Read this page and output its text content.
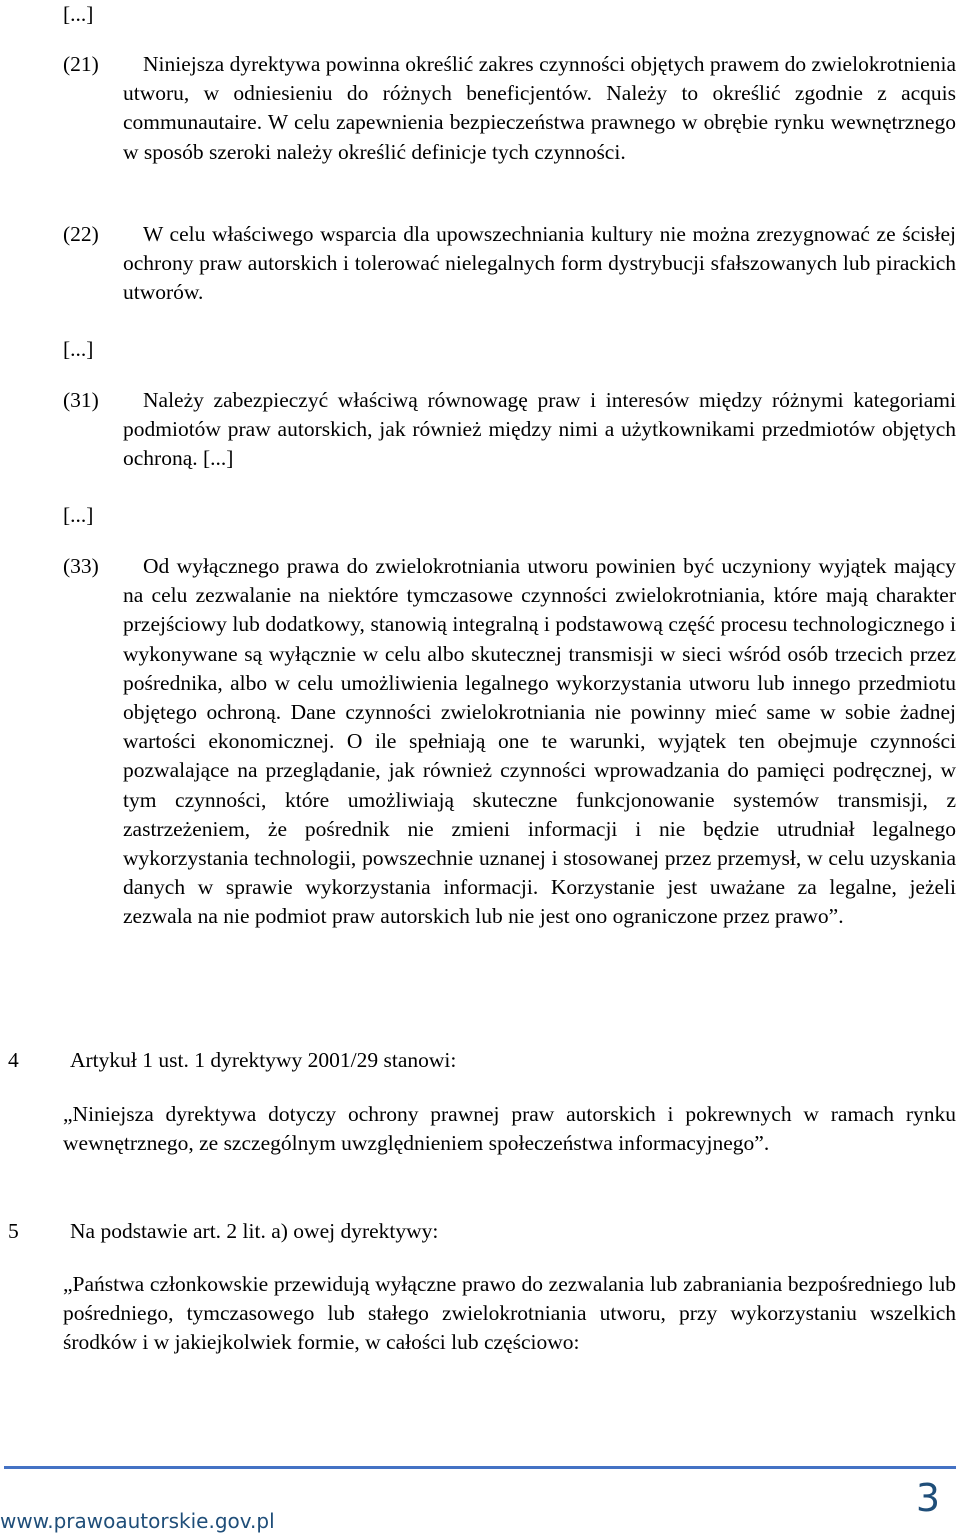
[...]
(21)	Niniejsza dyrektywa powinna określić zakres czynności objętych prawem do zwielokrotnienia utworu, w odniesieniu do różnych beneficjentów. Należy to określić zgodnie z acquis communautaire. W celu zapewnienia bezpieczeństwa prawnego w obrębie rynku wewnętrznego w sposób szeroki należy określić definicje tych czynności.
(22)	W celu właściwego wsparcia dla upowszechniania kultury nie można zrezygnować ze ścisłej ochrony praw autorskich i tolerować nielegalnych form dystrybucji sfałszowanych lub pirackich utworów.
[...]
(31)	Należy zabezpieczyć właściwą równowagę praw i interesów między różnymi kategoriami podmiotów praw autorskich, jak również między nimi a użytkownikami przedmiotów objętych ochroną. [...]
[...]
(33)	Od wyłącznego prawa do zwielokrotniania utworu powinien być uczyniony wyjątek mający na celu zezwalanie na niektóre tymczasowe czynności zwielokrotniania, które mają charakter przejściowy lub dodatkowy, stanowią integralną i podstawową część procesu technologicznego i wykonywane są wyłącznie w celu albo skutecznej transmisji w sieci wśród osób trzecich przez pośrednika, albo w celu umożliwienia legalnego wykorzystania utworu lub innego przedmiotu objętego ochroną. Dane czynności zwielokrotniania nie powinny mieć same w sobie żadnej wartości ekonomicznej. O ile spełniają one te warunki, wyjątek ten obejmuje czynności pozwalające na przeglądanie, jak również czynności wprowadzania do pamięci podręcznej, w tym czynności, które umożliwiają skuteczne funkcjonowanie systemów transmisji, z zastrzeżeniem, że pośrednik nie zmieni informacji i nie będzie utrudniał legalnego wykorzystania technologii, powszechnie uznanej i stosowanej przez przemysł, w celu uzyskania danych w sprawie wykorzystania informacji. Korzystanie jest uważane za legalne, jeżeli zezwala na nie podmiot praw autorskich lub nie jest ono ograniczone przez prawo”.
4 Artykuł 1 ust. 1 dyrektywy 2001/29 stanowi:
„Niniejsza dyrektywa dotyczy ochrony prawnej praw autorskich i pokrewnych w ramach rynku wewnętrznego, ze szczególnym uwzględnieniem społeczeństwa informacyjnego”.
5 Na podstawie art. 2 lit. a) owej dyrektywy:
„Państwa członkowskie przewidują wyłączne prawo do zezwalania lub zabraniania bezpośredniego lub pośredniego, tymczasowego lub stałego zwielokrotniania utworu, przy wykorzystaniu wszelkich środków i w jakiejkolwiek formie, w całości lub częściowo:
3
www.prawoautorskie.gov.pl
